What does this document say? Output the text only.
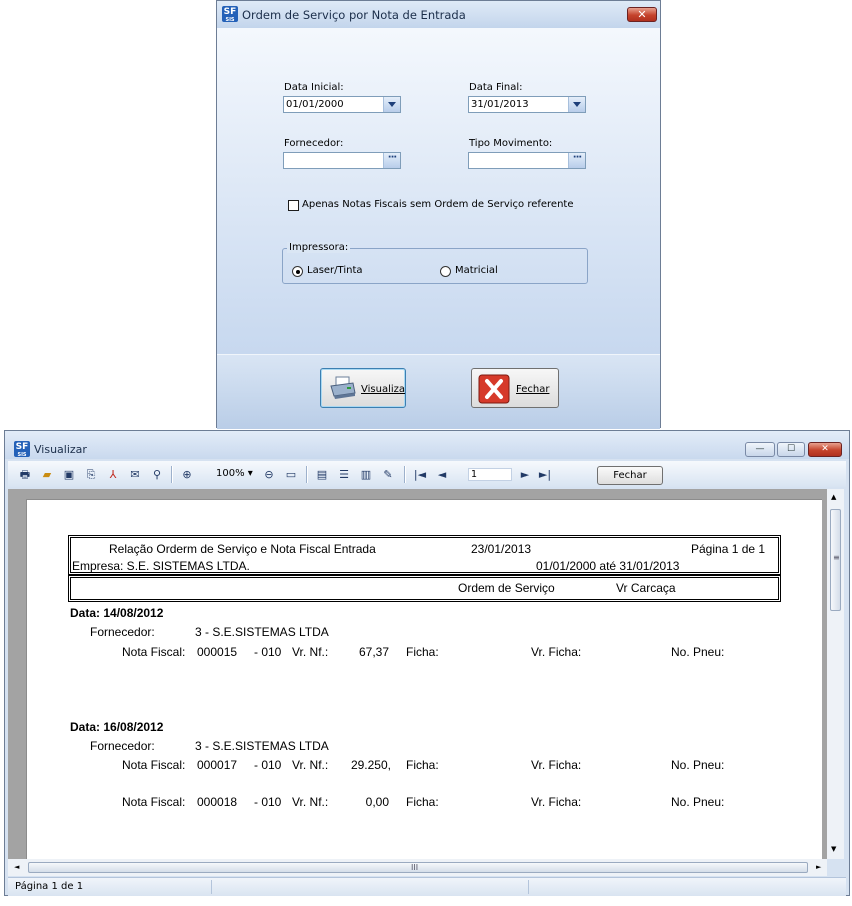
SF
SIS Ordem de Serviço por Nota de Entrada	✕
Data Inicial:
01/01/2000
Data Final:
31/01/2013
Fornecedor:
···
Tipo Movimento:
···
Apenas Notas Fiscais sem Ordem de Serviço referente
Impressora:
Laser/Tinta	Matricial
Visualiza	Fechar
SF
SIS Visualizar	—	☐	✕
🖶 ▰ ▣ ⎘	⅄	✉ ⚲ ⊕ 100% ▾ ⊖ ▭ ▤ ☰ ▥ ✎ |◄ ◄	1	► ►|	Fechar
Relação Orderm de Serviço e Nota Fiscal Entrada	23/01/2013	Página 1 de 1
Empresa: S.E. SISTEMAS LTDA.	01/01/2000 até 31/01/2013
Ordem de Serviço	Vr Carcaça
Data: 14/08/2012
Fornecedor:	3 - S.E.SISTEMAS LTDA
Nota Fiscal: 000015 - 010 Vr. Nf.:	67,37 Ficha:	Vr. Ficha:	No. Pneu:
Data: 16/08/2012
Fornecedor:	3 - S.E.SISTEMAS LTDA
Nota Fiscal: 000017 - 010 Vr. Nf.:	29.250, Ficha:	Vr. Ficha:	No. Pneu:
Nota Fiscal: 000018 - 010 Vr. Nf.:	0,00 Ficha:	Vr. Ficha:	No. Pneu:
▲
≡
▼
◄	III	►
Página 1 de 1
